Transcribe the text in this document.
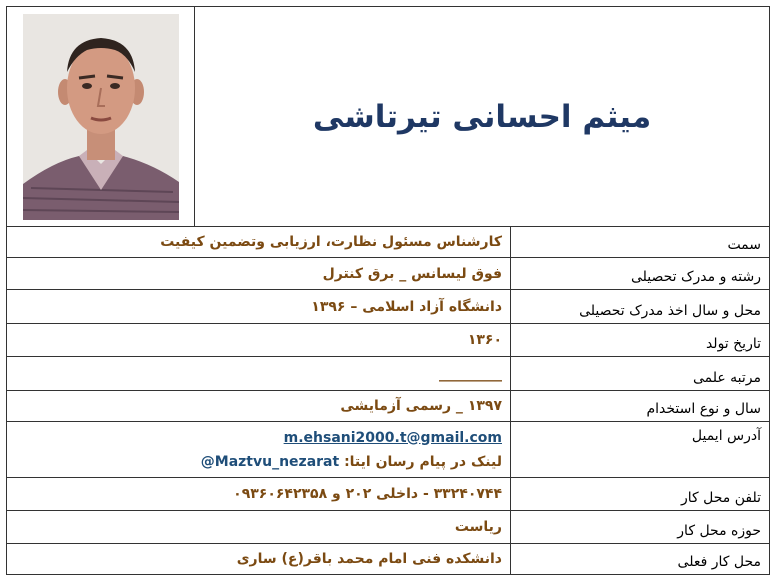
	میثم احسانی تیرتاشی	
کارشناس مسئول نظارت، ارزیابی وتضمین کیفیت		سمت

فوق لیسانس _ برق کنترل		رشته و مدرک تحصیلی

دانشگاه آزاد اسلامی – ۱۳۹۶		محل و سال اخذ مدرک تحصیلی

۱۳۶۰		تاریخ تولد

_________		مرتبه علمی

۱۳۹۷ _ رسمی آزمایشی		سال و نوع استخدام

m.ehsani2000.t@gmail.com
لینک در پیام رسان ایتا: @Maztvu_nezarat		آدرس ایمیل

۳۳۲۴۰۷۴۴ - داخلی ۲۰۲ و ۰۹۳۶۰۶۴۲۳۵۸		تلفن محل کار

ریاست		حوزه محل کار

دانشکده فنی امام محمد باقر(ع) ساری		محل کار فعلی
